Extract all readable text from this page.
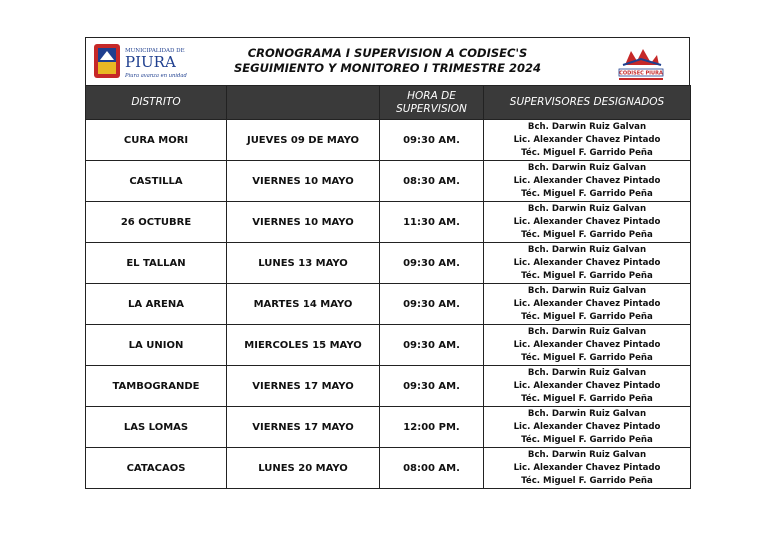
MUNICIPALIDAD DE
PIURA
Piura avanza en unidad
CRONOGRAMA I SUPERVISION A CODISEC'S
SEGUIMIENTO Y MONITOREO I TRIMESTRE 2024	CODISEC PIURA
DISTRITO		HORA DE SUPERVISION	SUPERVISORES DESIGNADOS
CURA MORI	JUEVES 09 DE MAYO	09:30 AM.	Bch. Darwin Ruiz Galvan
Lic. Alexander Chavez Pintado
Téc. Miguel F. Garrido Peña

CASTILLA	VIERNES 10 MAYO	08:30 AM.	Bch. Darwin Ruiz Galvan
Lic. Alexander Chavez Pintado
Téc. Miguel F. Garrido Peña

26 OCTUBRE	VIERNES 10 MAYO	11:30 AM.	Bch. Darwin Ruiz Galvan
Lic. Alexander Chavez Pintado
Téc. Miguel F. Garrido Peña

EL TALLAN	LUNES 13 MAYO	09:30 AM.	Bch. Darwin Ruiz Galvan
Lic. Alexander Chavez Pintado
Téc. Miguel F. Garrido Peña

LA ARENA	MARTES 14 MAYO	09:30 AM.	Bch. Darwin Ruiz Galvan
Lic. Alexander Chavez Pintado
Téc. Miguel F. Garrido Peña

LA UNION	MIERCOLES 15 MAYO	09:30 AM.	Bch. Darwin Ruiz Galvan
Lic. Alexander Chavez Pintado
Téc. Miguel F. Garrido Peña

TAMBOGRANDE	VIERNES 17 MAYO	09:30 AM.	Bch. Darwin Ruiz Galvan
Lic. Alexander Chavez Pintado
Téc. Miguel F. Garrido Peña

LAS LOMAS	VIERNES 17 MAYO	12:00 PM.	Bch. Darwin Ruiz Galvan
Lic. Alexander Chavez Pintado
Téc. Miguel F. Garrido Peña

CATACAOS	LUNES 20 MAYO	08:00 AM.	Bch. Darwin Ruiz Galvan
Lic. Alexander Chavez Pintado
Téc. Miguel F. Garrido Peña
